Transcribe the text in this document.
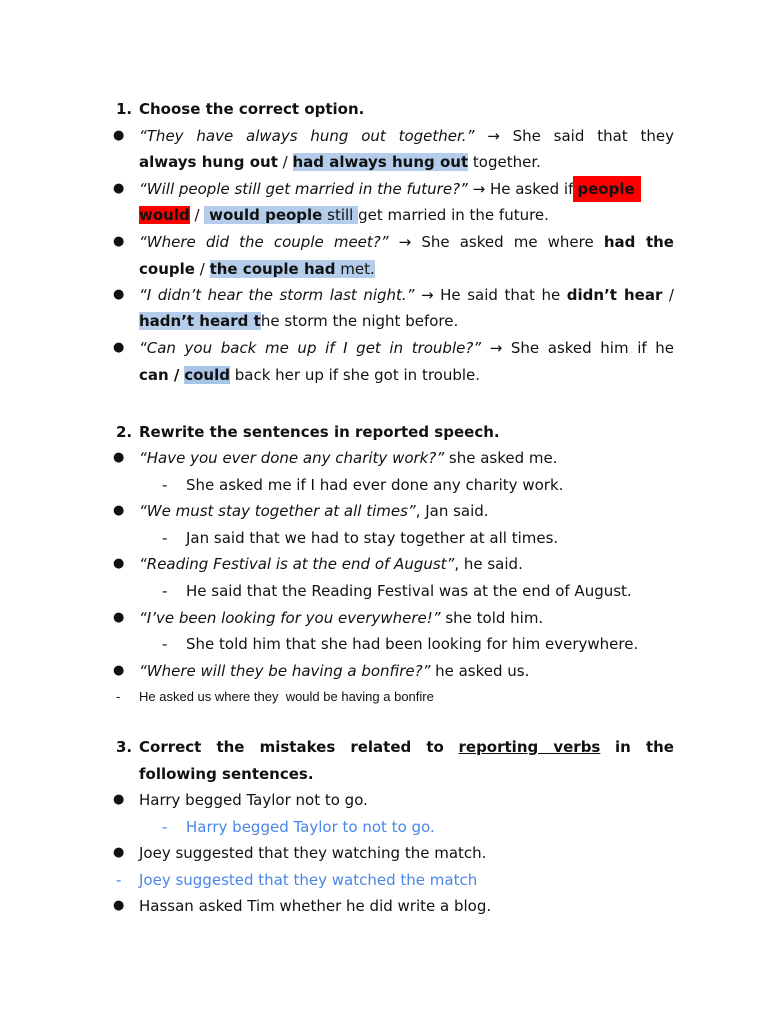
1. Choose the correct option.
● “They have always hung out together.” → She said that they
always hung out / had always hung out together.
● “Will people still get married in the future?” → He asked if people
would / would people still get married in the future.
● “Where did the couple meet?” → She asked me where had the
couple / the couple had met.
● “I didn’t hear the storm last night.” → He said that he didn’t hear /
hadn’t heard the storm the night before.
● “Can you back me up if I get in trouble?” → She asked him if he
can / could back her up if she got in trouble.
2. Rewrite the sentences in reported speech.
● “Have you ever done any charity work?” she asked me.
- She asked me if I had ever done any charity work.
● “We must stay together at all times”, Jan said.
- Jan said that we had to stay together at all times.
● “Reading Festival is at the end of August”, he said.
- He said that the Reading Festival was at the end of August.
● “I’ve been looking for you everywhere!” she told him.
- She told him that she had been looking for him everywhere.
● “Where will they be having a bonfire?” he asked us.
- He asked us where they  would be having a bonfire
3. Correct the mistakes related to reporting verbs in the
following sentences.
● Harry begged Taylor not to go.
- Harry begged Taylor to not to go.
● Joey suggested that they watching the match.
- Joey suggested that they watched the match
● Hassan asked Tim whether he did write a blog.
